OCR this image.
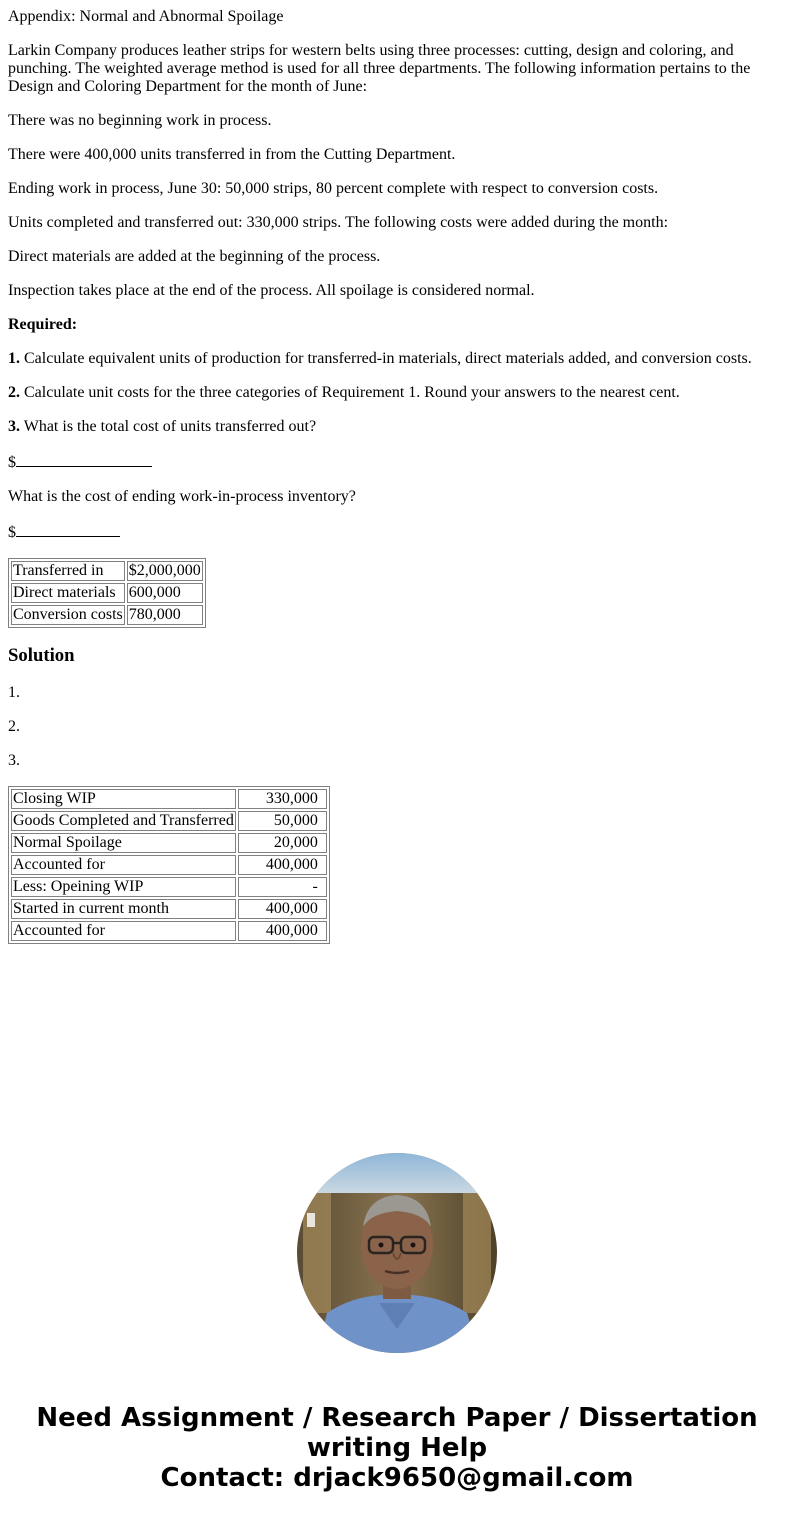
Appendix: Normal and Abnormal Spoilage

Larkin Company produces leather strips for western belts using three processes: cutting, design and coloring, and punching. The weighted average method is used for all three departments. The following information pertains to the Design and Coloring Department for the month of June:

There was no beginning work in process.

There were 400,000 units transferred in from the Cutting Department.

Ending work in process, June 30: 50,000 strips, 80 percent complete with respect to conversion costs.

Units completed and transferred out: 330,000 strips. The following costs were added during the month:

Direct materials are added at the beginning of the process.

Inspection takes place at the end of the process. All spoilage is considered normal.

Required:

1. Calculate equivalent units of production for transferred-in materials, direct materials added, and conversion costs.

2. Calculate unit costs for the three categories of Requirement 1. Round your answers to the nearest cent.

3. What is the total cost of units transferred out?

$

What is the cost of ending work-in-process inventory?

$

Transferred in	$2,000,000
Direct materials	600,000
Conversion costs	780,000
Solution

1.

2.

3.

Closing WIP	330,000
Goods Completed and Transferred	50,000
Normal Spoilage	20,000
Accounted for	400,000
Less: Opeining WIP	-
Started in current month	400,000
Accounted for	400,000
Need Assignment / Research Paper / Dissertation
writing Help
Contact: drjack9650@gmail.com
